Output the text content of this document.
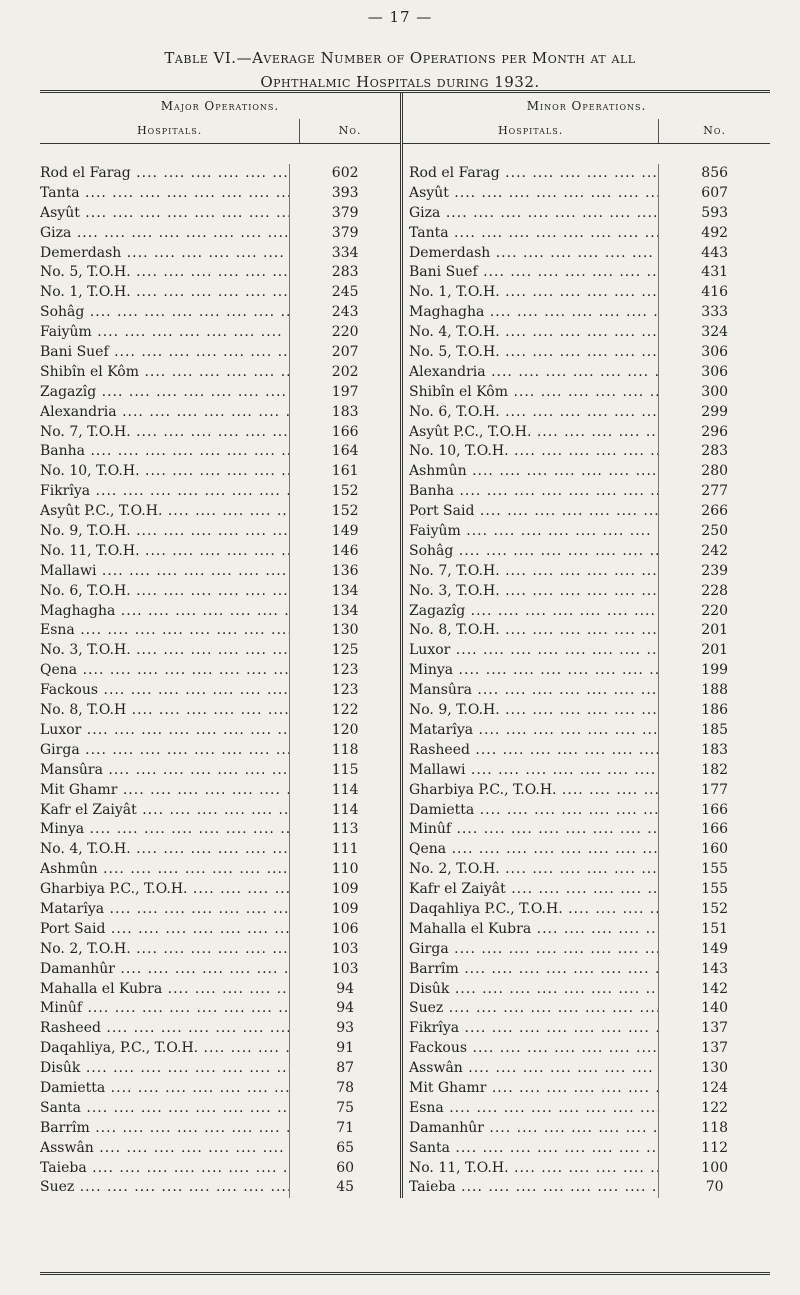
— 17 —
Table VI.—Average Number of Operations per Month at all
Ophthalmic Hospitals during 1932.
Major Operations.
Hospitals.	No.
Rod el Farag ....	602
Tanta ....	393
Asyût ....	379
Giza ....	379
Demerdash ....	334
No. 5, T.O.H. ....	283
No. 1, T.O.H. ....	245
Sohâg ....	243
Faiyûm ....	220
Bani Suef ....	207
Shibîn el Kôm ....	202
Zagazîg ....	197
Alexandria ....	183
No. 7, T.O.H. ....	166
Banha ....	164
No. 10, T.O.H. ....	161
Fikrîya ....	152
Asyût P.C., T.O.H. ....	152
No. 9, T.O.H. ....	149
No. 11, T.O.H. ....	146
Mallawi ....	136
No. 6, T.O.H. ....	134
Maghagha ....	134
Esna ....	130
No. 3, T.O.H. ....	125
Qena ....	123
Fackous ....	123
No. 8, T.O.H ....	122
Luxor ....	120
Girga ....	118
Mansûra ....	115
Mit Ghamr ....	114
Kafr el Zaiyât ....	114
Minya ....	113
No. 4, T.O.H. ....	111
Ashmûn ....	110
Gharbiya P.C., T.O.H. ....	109
Matarîya ....	109
Port Said ....	106
No. 2, T.O.H. ....	103
Damanhûr ....	103
Mahalla el Kubra ....	94
Minûf ....	94
Rasheed ....	93
Daqahliya, P.C., T.O.H. ....	91
Disûk ....	87
Damietta ....	78
Santa ....	75
Barrîm ....	71
Asswân ....	65
Taieba ....	60
Suez ....	45
Minor Operations.
Hospitals.	No.
Rod el Farag ....	856
Asyût ....	607
Giza ....	593
Tanta ....	492
Demerdash ....	443
Bani Suef ....	431
No. 1, T.O.H. ....	416
Maghagha ....	333
No. 4, T.O.H. ....	324
No. 5, T.O.H. ....	306
Alexandria ....	306
Shibîn el Kôm ....	300
No. 6, T.O.H. ....	299
Asyût P.C., T.O.H. ....	296
No. 10, T.O.H. ....	283
Ashmûn ....	280
Banha ....	277
Port Said ....	266
Faiyûm ....	250
Sohâg ....	242
No. 7, T.O.H. ....	239
No. 3, T.O.H. ....	228
Zagazîg ....	220
No. 8, T.O.H. ....	201
Luxor ....	201
Minya ....	199
Mansûra ....	188
No. 9, T.O.H. ....	186
Matarîya ....	185
Rasheed ....	183
Mallawi ....	182
Gharbiya P.C., T.O.H. ....	177
Damietta ....	166
Minûf ....	166
Qena ....	160
No. 2, T.O.H. ....	155
Kafr el Zaiyât ....	155
Daqahliya P.C., T.O.H. ....	152
Mahalla el Kubra ....	151
Girga ....	149
Barrîm ....	143
Disûk ....	142
Suez ....	140
Fikrîya ....	137
Fackous ....	137
Asswân ....	130
Mit Ghamr ....	124
Esna ....	122
Damanhûr ....	118
Santa ....	112
No. 11, T.O.H. ....	100
Taieba ....	70
